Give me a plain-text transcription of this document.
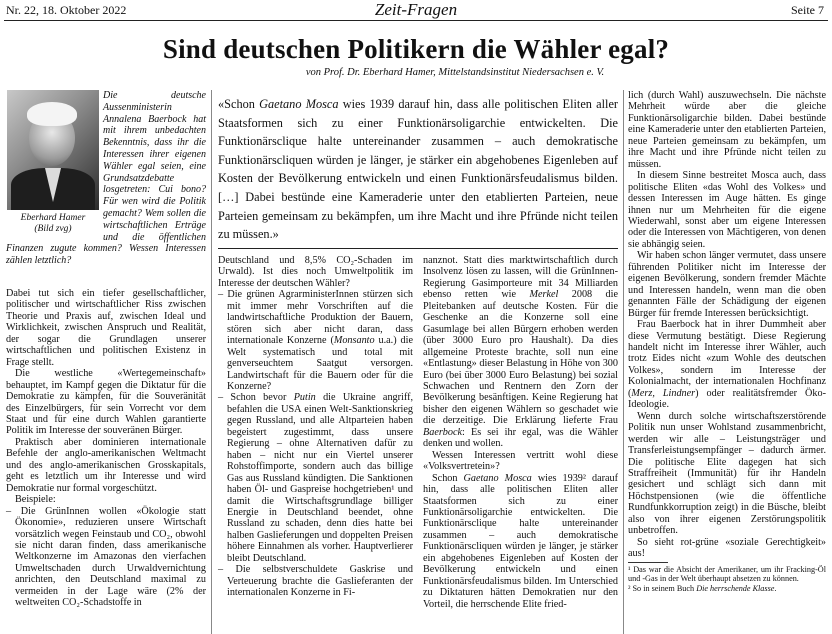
Nr. 22, 18. Oktober 2022	Zeit-Fragen	Seite 7
Sind deutschen Politikern die Wähler egal?
von Prof. Dr. Eberhard Hamer, Mittelstandsinstitut Niedersachsen e. V.
Eberhard Hamer
(Bild zvg)
Die deutsche Aussenministerin Annalena Baerbock hat mit ihrem unbedachten Bekenntnis, dass ihr die Interessen ihrer eigenen Wähler egal seien, eine Grundsatzdebatte losgetreten: Cui bono? Für wen wird die Politik gemacht? Wem sollen die wirtschaftlichen Erträge und die öffentlichen Finanzen zugute kommen? Wessen Interessen zählen letztlich?
«Schon Gaetano Mosca wies 1939 darauf hin, dass alle politischen Eliten aller Staatsformen sich zu einer Funktionärsoligarchie entwickelten. Die Funktionärsclique halte untereinander zusammen – auch demokratische Funktionärscliquen würden je länger, je stärker ein abgehobenes Eigenleben auf Kosten der Bevölkerung entwickeln und einen Funktionärsfeudalismus bilden. […] Dabei bestünde eine Kameraderie unter den etablierten Parteien, neue Parteien gemeinsam zu bekämpfen, um ihre Macht und ihre Pfründe nicht teilen zu müssen.»

Dabei tut sich ein tiefer gesellschaftlicher, politischer und wirtschaftlicher Riss zwischen Theorie und Praxis auf, zwischen Ideal und Wirklichkeit, zwischen Anspruch und Realität, der sogar die Grundlagen unserer wirtschaftlichen und politischen Existenz in Frage stellt.

Die westliche «Wertegemeinschaft» behauptet, im Kampf gegen die Diktatur für die Demokratie zu kämpfen, für die Souveränität des Einzelbürgers, für sein Vorrecht vor dem Staat und für eine durch Wahlen garantierte Politik im Interesse der souveränen Bürger.

Praktisch aber dominieren internationale Befehle der anglo-amerikanischen Weltmacht und des anglo-amerikanischen Grosskapitals, geht es letztlich um ihr Interesse und wird Demokratie nur formal vorgeschützt.

Beispiele:

– Die GrünInnen wollen «Ökologie statt Ökonomie», reduzieren unsere Wirtschaft vorsätzlich wegen Feinstaub und CO₂, obwohl sie nicht daran finden, dass amerikanische Weltkonzerne im Amazonas den vierfachen Umweltschaden durch Urwaldvernichtung anrichten, den Deutschland maximal zu vermeiden in der Lage wäre (2% der weltweiten CO₂-Schadstoffe in

Deutschland und 8,5% CO₂-Schaden im Urwald). Ist dies noch Umweltpolitik im Interesse der deutschen Wähler?

– Die grünen AgrarministerInnen stürzen sich mit immer mehr Vorschriften auf die landwirtschaftliche Produktion der Bauern, stören sich aber nicht daran, dass internationale Konzerne (Monsanto u.a.) die Welt systematisch und total mit genverseuchtem Saatgut versorgen. Landwirtschaft für die Bauern oder für die Konzerne?
– Schon bevor Putin die Ukraine angriff, befahlen die USA einen Welt-Sanktionskrieg gegen Russland, und alle Altparteien haben begeistert zugestimmt, dass unsere Regierung – ohne Alternativen dafür zu haben – nicht nur ein Viertel unserer Rohstoffimporte, sondern auch das billige Gas aus Russland kündigten. Die Sanktionen haben Öl- und Gaspreise hochgetrieben¹ und damit die Wirtschaftsgrundlage billiger Energie in Deutschland beendet, ohne Russland zu schaden, denn dies hatte bei halben Gaslieferungen und doppelten Preisen höhere Einnahmen als vorher. Hauptverlierer bleibt Deutschland.
– Die selbstverschuldete Gaskrise und Verteuerung brachte die Gaslieferanten der internationalen Konzerne in Fi-

nanznot. Statt dies marktwirtschaftlich durch Insolvenz lösen zu lassen, will die GrünInnen-Regierung Gasimporteure mit 34 Milliarden ebenso retten wie Merkel 2008 die Pleitebanken auf deutsche Kosten. Für die Geschenke an die Konzerne soll eine Gasumlage bei allen Bürgern erhoben werden (über 3000 Euro pro Haushalt). Da dies allgemeine Proteste brachte, soll nun eine «Entlastung» dieser Belastung in Höhe von 300 Euro (bei über 3000 Euro Belastung) bei sozial Schwachen und Rentnern den Zorn der Bevölkerung besänftigen. Keine Regierung hat bisher den eigenen Wählern so geschadet wie die derzeitige. Die Erklärung lieferte Frau Baerbock: Es sei ihr egal, was die Wähler denken und wollen.

Wessen Interessen vertritt wohl diese «Volksvertretein»?

Schon Gaetano Mosca wies 1939² darauf hin, dass alle politischen Eliten aller Staatsformen sich zu einer Funktionärsoligarchie entwickelten. Die Funktionärsclique halte untereinander zusammen – auch demokratische Funktionärscliquen würden je länger, je stärker ein abgehobenes Eigenleben auf Kosten der Bevölkerung entwickeln und einen Funktionärsfeudalismus bilden. Im Unterschied zu Diktaturen hätten Demokratien nur den Vorteil, die herrschende Elite fried-

lich (durch Wahl) auszuwechseln. Die nächste Mehrheit würde aber die gleiche Funktionärsoligarchie bilden. Dabei bestünde eine Kameraderie unter den etablierten Parteien, neue Parteien gemeinsam zu bekämpfen, um ihre Macht und ihre Pfründe nicht teilen zu müssen.

In diesem Sinne bestreitet Mosca auch, dass politische Eliten «das Wohl des Volkes» und dessen Interessen im Auge hätten. Es ginge ihnen nur um Mehrheiten für die eigene Wiederwahl, sonst aber um eigene Interessen oder die Interessen von Mächtigeren, von denen sie abhängig seien.

Wir haben schon länger vermutet, dass unsere führenden Politiker nicht im Interesse der eigenen Bevölkerung, sondern fremder Mächte und Interessen handeln, wenn man die oben genannten Fälle der Schädigung der eigenen Bürger für fremde Interessen berücksichtigt.

Frau Baerbock hat in ihrer Dummheit aber diese Vermutung bestätigt. Diese Regierung handelt nicht im Interesse ihrer Wähler, auch trotz Eides nicht «zum Wohle des deutschen Volkes», sondern im Interesse der Kolonialmacht, der internationalen Hochfinanz (Merz, Lindner) oder realitätsfremder Öko-Ideologie.

Wenn durch solche wirtschaftszerstörende Politik nun unser Wohlstand zusammenbricht, werden wir alle – Leistungsträger und Transferleistungsempfänger – dadurch ärmer. Die politische Elite dagegen hat sich Straffreiheit (Immunität) für ihr Handeln gesichert und schlägt sich dann mit Höchstpensionen (wie die öffentliche Rundfunkkorruption zeigt) in die Büsche, bleibt also von ihrer eigenen Zerstörungspolitik unbetroffen.

So sieht rot-grüne «soziale Gerechtigkeit» aus!

¹ Das war die Absicht der Amerikaner, um ihr Fracking-Öl und -Gas in der Welt überhaupt absetzen zu können.
² So in seinem Buch Die herrschende Klasse.
